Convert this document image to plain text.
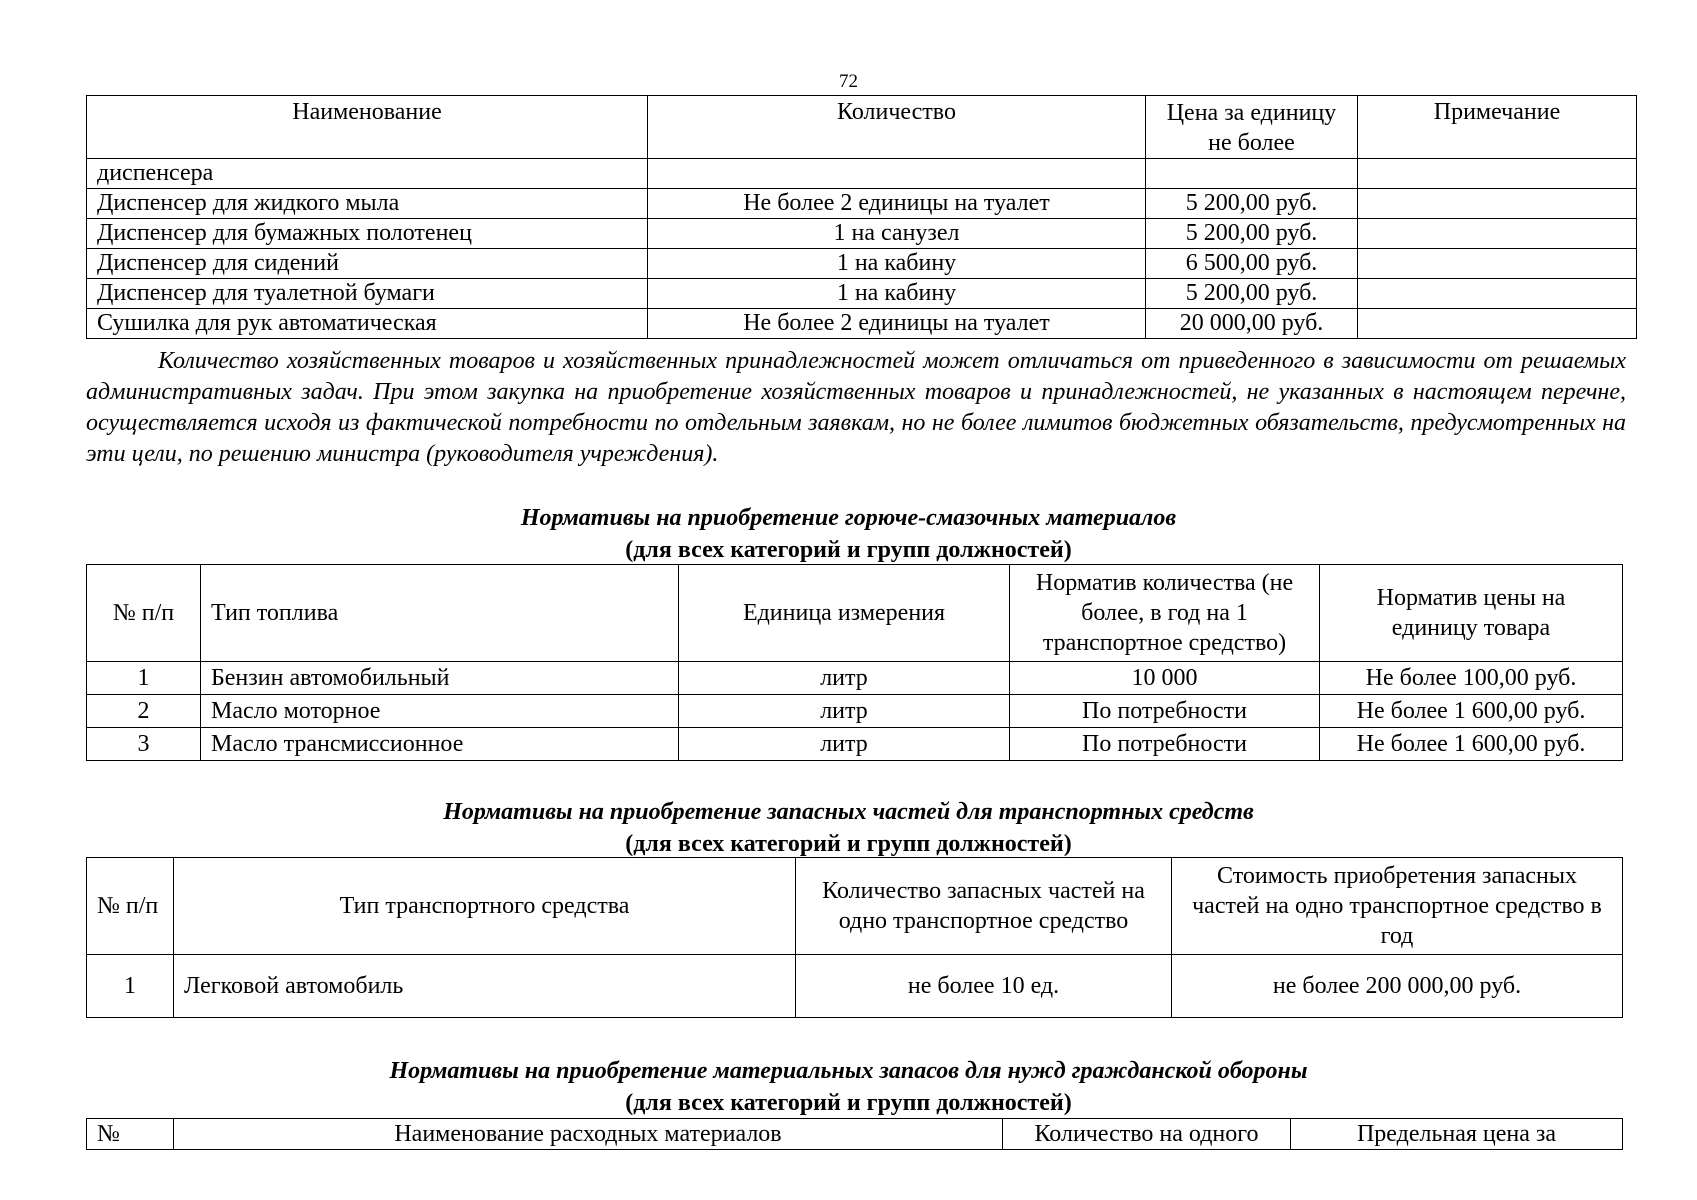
72
Наименование	Количество	Цена за единицу не более	Примечание
диспенсера			
Диспенсер для жидкого мыла	Не более 2 единицы на туалет	5 200,00 руб.	
Диспенсер для бумажных полотенец	1 на санузел	5 200,00 руб.	
Диспенсер для сидений	1 на кабину	6 500,00 руб.	
Диспенсер для туалетной бумаги	1 на кабину	5 200,00 руб.	
Сушилка для рук автоматическая	Не более 2 единицы на туалет	20 000,00 руб.	
Количество хозяйственных товаров и хозяйственных принадлежностей может отличаться от приведенного в зависимости от решаемых административных задач. При этом закупка на приобретение хозяйственных товаров и принадлежностей, не указанных в настоящем перечне, осуществляется исходя из фактической потребности по отдельным заявкам, но не более лимитов бюджетных обязательств, предусмотренных на эти цели, по решению министра (руководителя учреждения).
Нормативы на приобретение горюче-смазочных материалов
(для всех категорий и групп должностей)
№ п/п	Тип топлива	Единица измерения	Норматив количества (не более, в год на 1 транспортное средство)	Норматив цены на единицу товара
1	Бензин автомобильный	литр	10 000	Не более 100,00 руб.
2	Масло моторное	литр	По потребности	Не более 1 600,00 руб.
3	Масло трансмиссионное	литр	По потребности	Не более 1 600,00 руб.
Нормативы на приобретение запасных частей для транспортных средств
(для всех категорий и групп должностей)
№ п/п	Тип транспортного средства	Количество запасных частей на одно транспортное средство	Стоимость приобретения запасных частей на одно транспортное средство в год
1	Легковой автомобиль	не более 10 ед.	не более 200 000,00 руб.
Нормативы на приобретение материальных запасов для нужд гражданской обороны
(для всех категорий и групп должностей)
№	Наименование расходных материалов	Количество на одного	Предельная цена за
